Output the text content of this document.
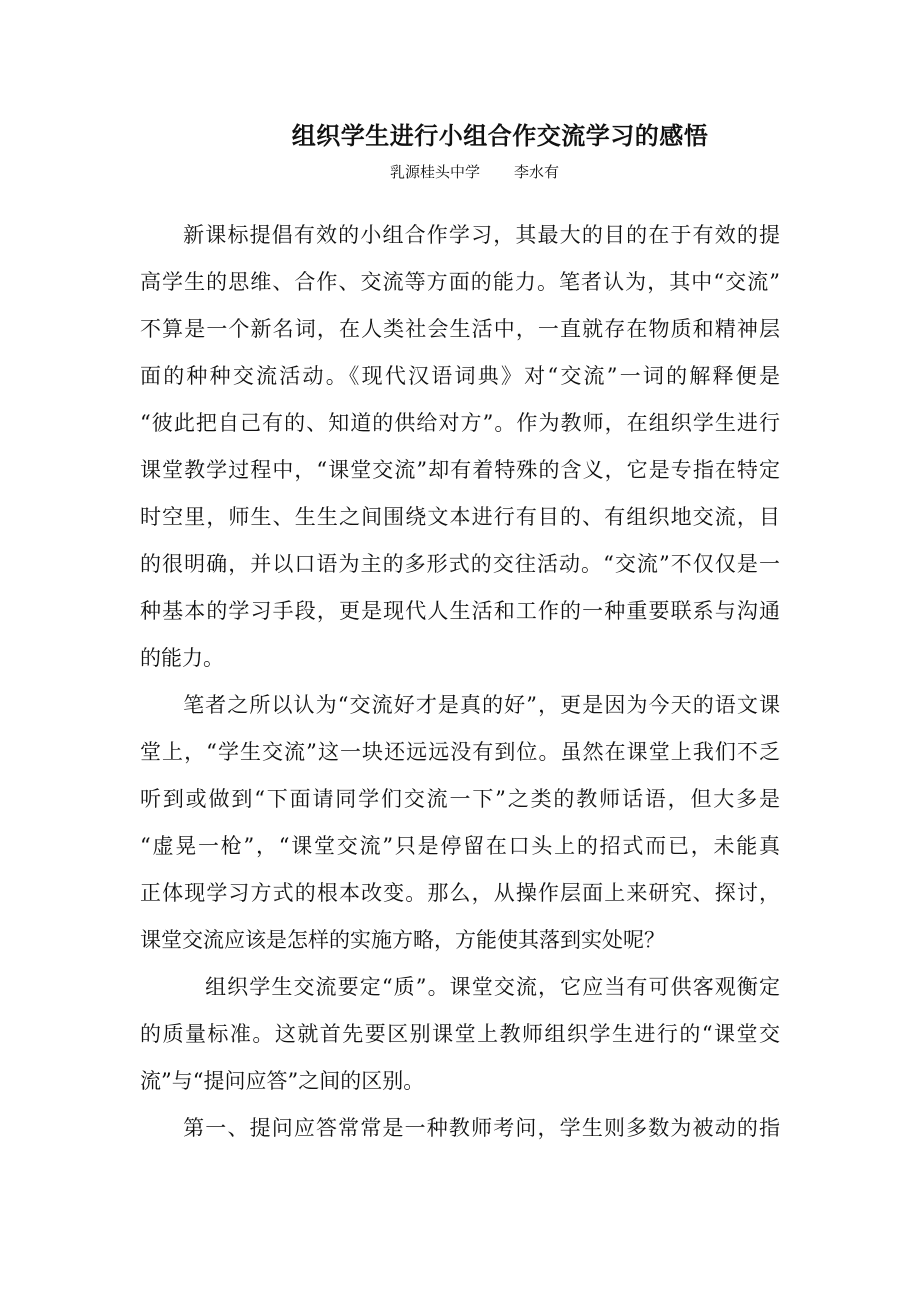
组织学生进行小组合作交流学习的感悟
乳源桂头中学 李水有
新课标提倡有效的小组合作学习，其最大的目的在于有效的提
高学生的思维、合作、交流等方面的能力。笔者认为，其中“交流”
不算是一个新名词，在人类社会生活中，一直就存在物质和精神层
面的种种交流活动。《现代汉语词典》对“交流”一词的解释便是
“彼此把自己有的、知道的供给对方”。作为教师，在组织学生进行
课堂教学过程中，“课堂交流”却有着特殊的含义，它是专指在特定
时空里，师生、生生之间围绕文本进行有目的、有组织地交流，目
的很明确，并以口语为主的多形式的交往活动。“交流”不仅仅是一
种基本的学习手段，更是现代人生活和工作的一种重要联系与沟通
的能力。
笔者之所以认为“交流好才是真的好”，更是因为今天的语文课
堂上，“学生交流”这一块还远远没有到位。虽然在课堂上我们不乏
听到或做到“下面请同学们交流一下”之类的教师话语，但大多是
“虚晃一枪”，“课堂交流”只是停留在口头上的招式而已，未能真
正体现学习方式的根本改变。那么，从操作层面上来研究、探讨，
课堂交流应该是怎样的实施方略，方能使其落到实处呢？
组织学生交流要定“质”。课堂交流，它应当有可供客观衡定
的质量标准。这就首先要区别课堂上教师组织学生进行的“课堂交
流”与“提问应答”之间的区别。
第一、提问应答常常是一种教师考问，学生则多数为被动的指
